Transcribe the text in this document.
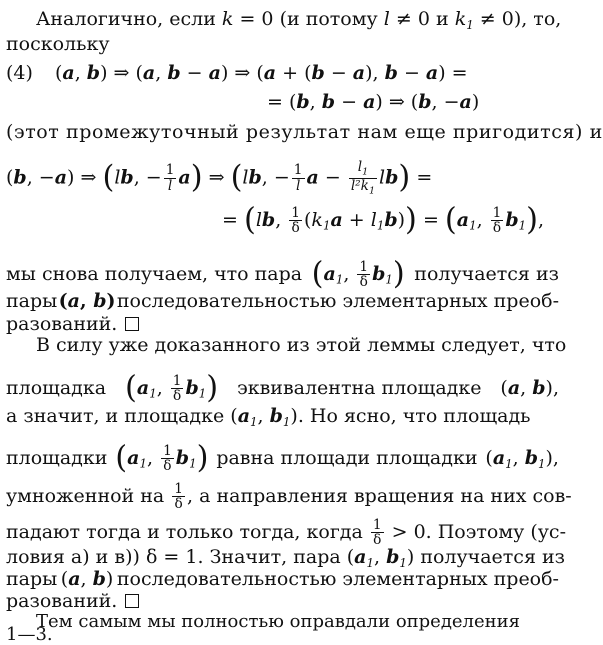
Аналогично, если k = 0 (и потому l ≠ 0 и $k_1 \ne 0$), то,
поскольку
(4) (a, b) ⇒ (a, b − a) ⇒ (a + (b − a), b − a) =
= (b, b − a) ⇒ (b, −a)
(этот промежуточный результат нам еще пригодится) и
(b, −a) ⇒ (lb, − $\frac{1}{l} a$) ⇒ (lb, − $\frac{1}{l}$ $a - \frac{l_1}{l^2k_1} lb$) =
= (lb, $\frac{1}{\delta} (k_1a + l_1b)) = (a_1$, $\frac{1}{\delta} b_1$),
мы снова получаем, что пара ($a_1$, $\frac{1}{\delta} b_1$) получается из
пары (a, b) последовательностью элементарных преоб-
разований.
В силу уже доказанного из этой леммы следует, что
площадка ($a_1$, $\frac{1}{\delta} b_1$) эквивалентна площадке (a, b),
а значит, и площадке ($a_1$, $b_1$). Но ясно, что площадь
площадки ($a_1$, $\frac{1}{\delta} b_1$) равна площади площадки ($a_1$, $b_1$),
умноженной на $\frac{1}{\delta}$ , а направления вращения на них сов-
падают тогда и только тогда, когда $\frac{1}{\delta} > 0$. Поэтому (ус-
ловия а) и в)) δ = 1. Значит, пара ($a_1$, $b_1$) получается из
пары (a, b) последовательностью элементарных преоб-
разований.
Тем самым мы полностью оправдали определения
1—3.
